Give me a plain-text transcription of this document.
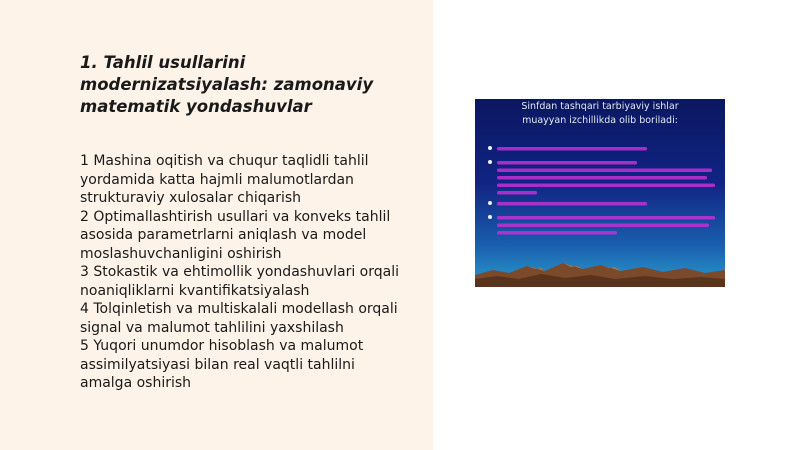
1. Tahlil usullarini
modernizatsiyalash: zamonaviy
matematik yondashuvlar

1 Mashina oqitish va chuqur taqlidli tahlil

yordamida katta hajmli malumotlardan

strukturaviy xulosalar chiqarish

2 Optimallashtirish usullari va konveks tahlil

asosida parametrlarni aniqlash va model

moslashuvchanligini oshirish

3 Stokastik va ehtimollik yondashuvlari orqali

noaniqliklarni kvantifikatsiyalash

4 Tolqinletish va multiskalali modellash orqali

signal va malumot tahlilini yaxshilash

5 Yuqori unumdor hisoblash va malumot

assimilyatsiyasi bilan real vaqtli tahlilni

amalga oshirish

Sinfdan tashqari tarbiyaviy ishlar
muayyan izchillikda olib boriladi:
